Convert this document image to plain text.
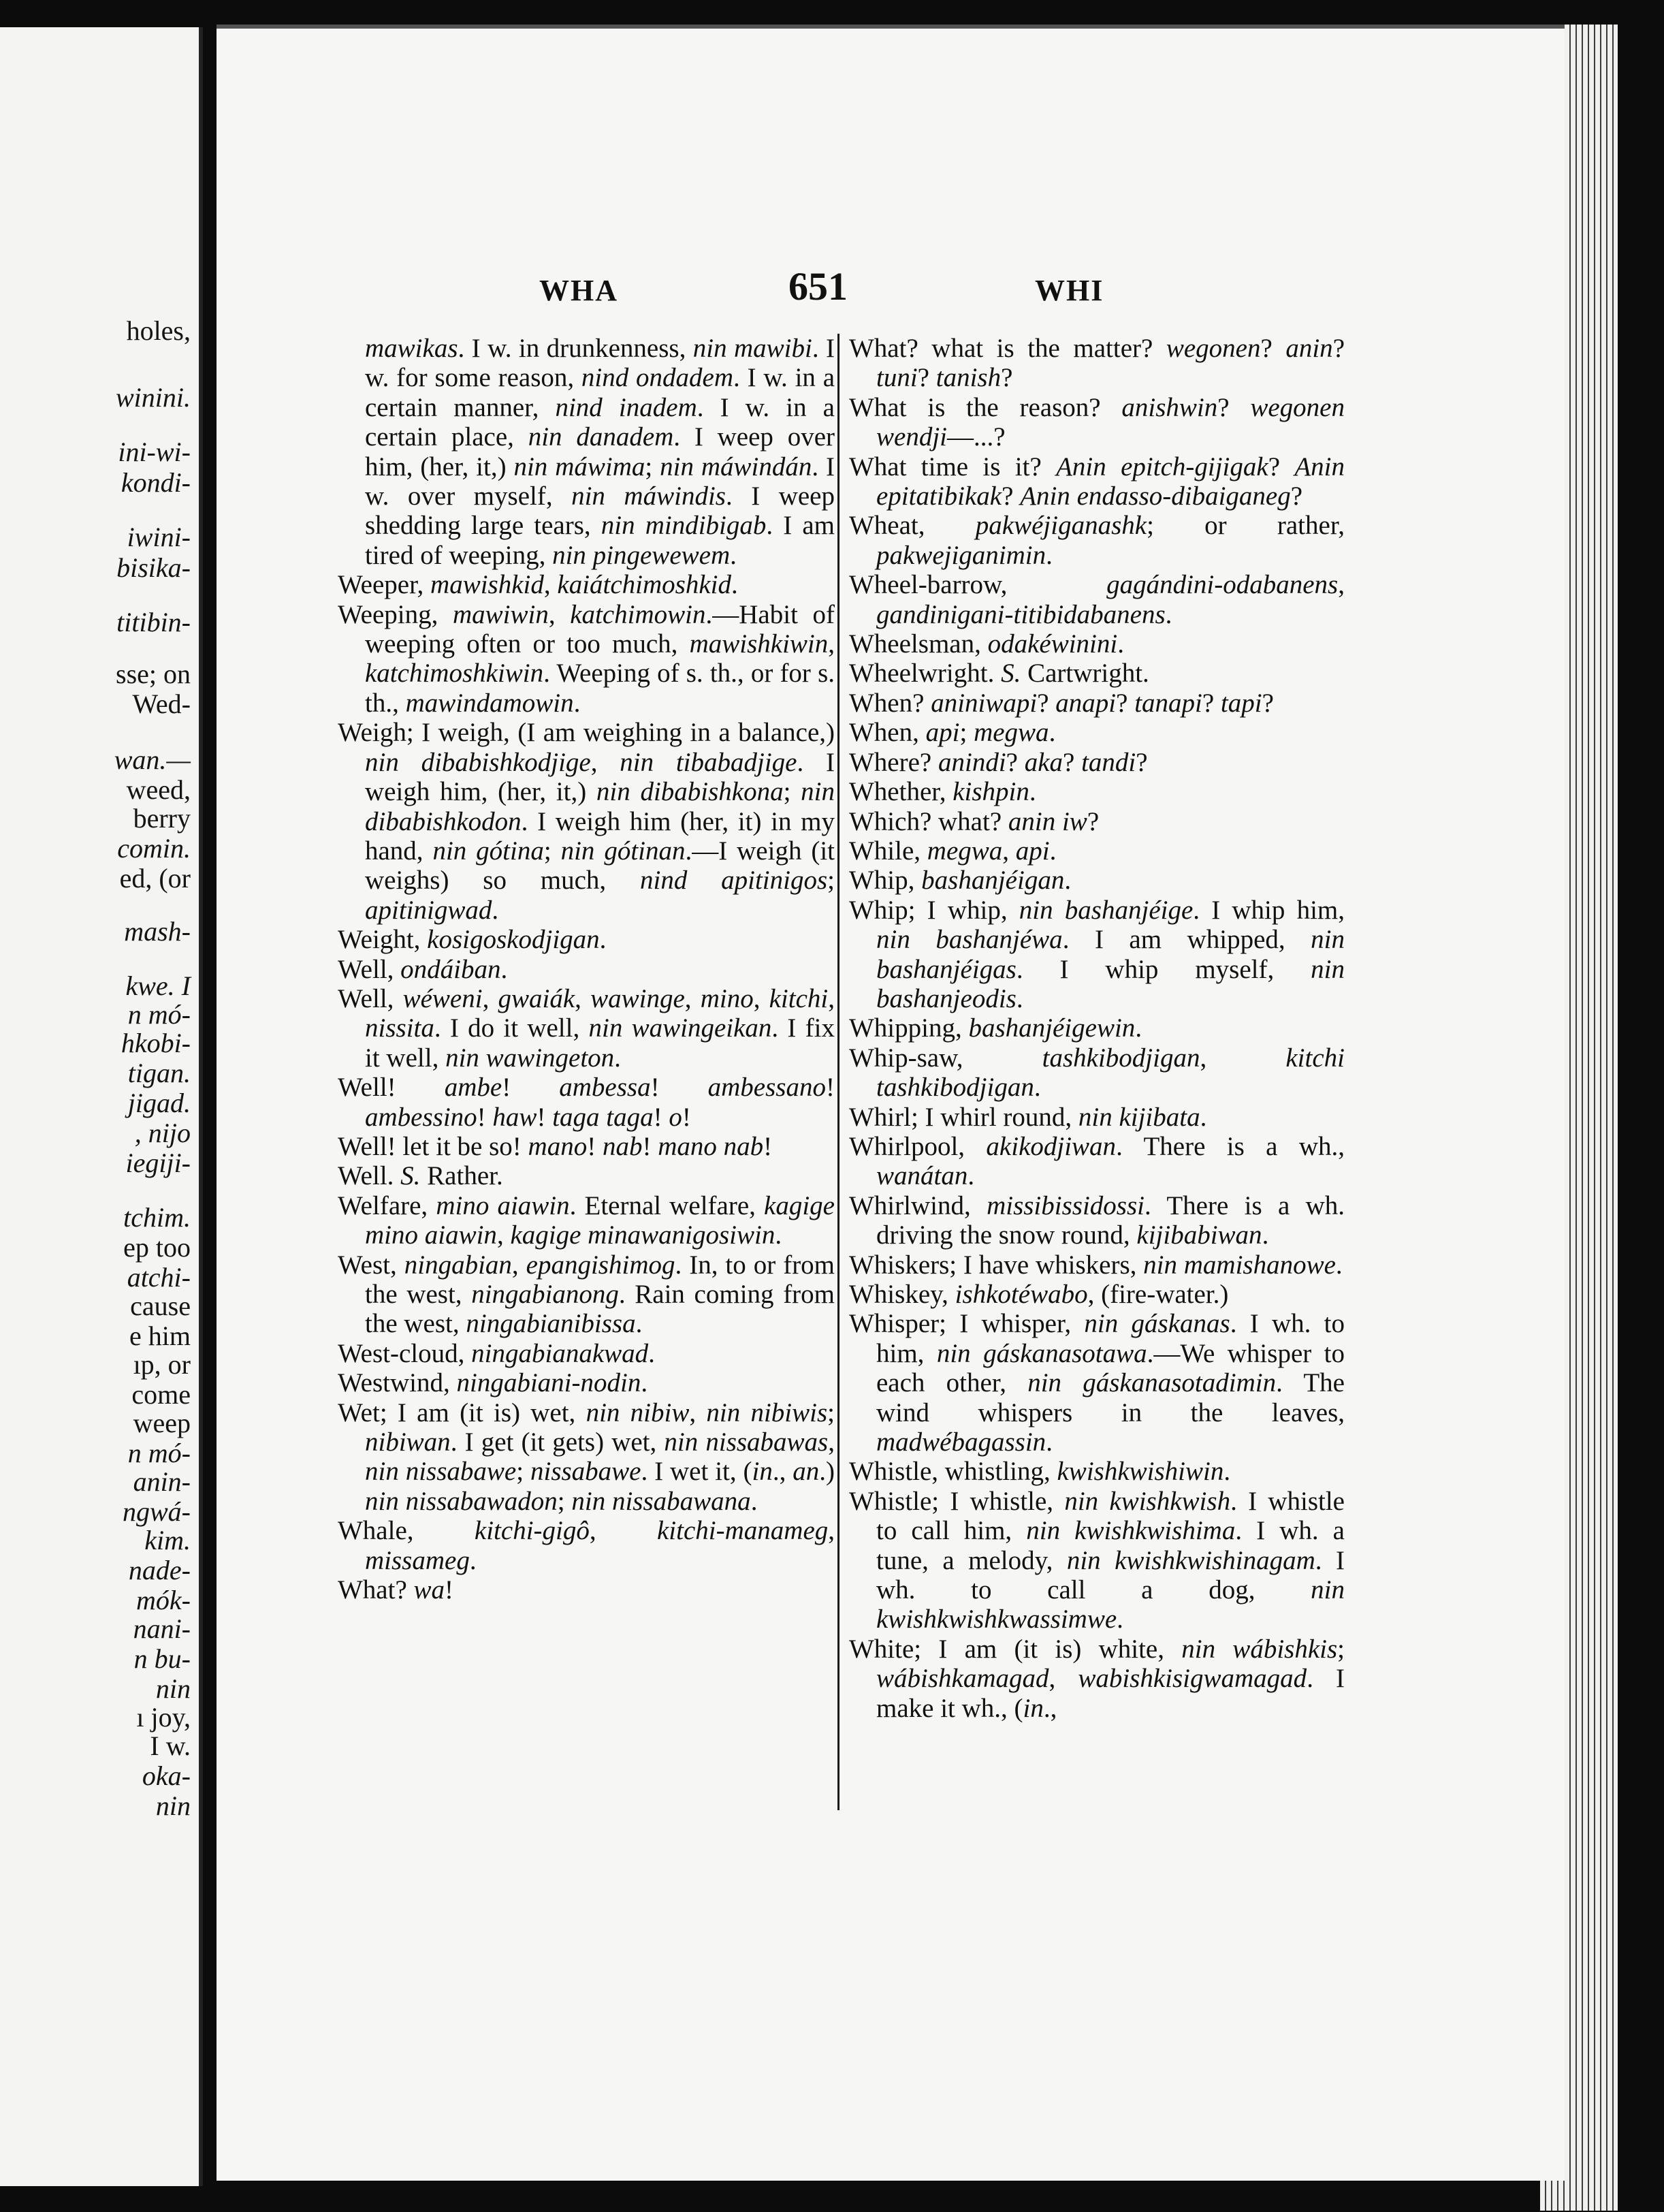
holes,
winini.
ini-wi-
kondi-
iwini-
bisika-
titibin-
sse; on
Wed-
wan.—
weed,
berry
comin.
ed, (or
mash-
kwe. I
n mó-
hkobi-
tigan.
jigad.
, nijo
iegiji-
tchim.
ep too
atchi-
cause
e him
ıp, or
come
weep
n mó-
anin-
ngwá-
kim.
nade-
mók-
nani-
n bu-
nin
ı joy,
I w.
oka-
nin
WHA	651	WHI

mawikas. I w. in drunkenness, nin mawibi. I w. for some reason, nind ondadem. I w. in a certain manner, nind inadem. I w. in a certain place, nin danadem. I weep over him, (her, it,) nin máwima; nin máwindán. I w. over myself, nin máwindis. I weep shedding large tears, nin mindibigab. I am tired of weeping, nin pingewewem.

Weeper, mawishkid, kaiátchimoshkid.

Weeping, mawiwin, katchimowin.—Habit of weeping often or too much, mawishkiwin, katchimoshkiwin. Weeping of s. th., or for s. th., mawindamowin.

Weigh; I weigh, (I am weighing in a balance,) nin dibabishkodjige, nin tibabadjige. I weigh him, (her, it,) nin dibabishkona; nin dibabishkodon. I weigh him (her, it) in my hand, nin gótina; nin gótinan.—I weigh (it weighs) so much, nind apitinigos; apitinigwad.

Weight, kosigoskodjigan.

Well, ondáiban.

Well, wéweni, gwaiák, wawinge, mino, kitchi, nissita. I do it well, nin wawingeikan. I fix it well, nin wawingeton.

Well! ambe! ambessa! ambessano! ambessino! haw! taga taga! o!

Well! let it be so! mano! nab! mano nab!

Well. S. Rather.

Welfare, mino aiawin. Eternal welfare, kagige mino aiawin, kagige minawanigosiwin.

West, ningabian, epangishimog. In, to or from the west, ningabianong. Rain coming from the west, ningabianibissa.

West-cloud, ningabianakwad.

Westwind, ningabiani-nodin.

Wet; I am (it is) wet, nin nibiw, nin nibiwis; nibiwan. I get (it gets) wet, nin nissabawas, nin nissabawe; nissabawe. I wet it, (in., an.) nin nissabawadon; nin nissabawana.

Whale, kitchi-gigô, kitchi-manameg, missameg.

What? wa!

What? what is the matter? wegonen? anin? tuni? tanish?

What is the reason? anishwin? wegonen wendji—...?

What time is it? Anin epitch-gijigak? Anin epitatibikak? Anin endasso-dibaiganeg?

Wheat, pakwéjiganashk; or rather, pakwejiganimin.

Wheel-barrow, gagándini-odabanens, gandinigani-titibidabanens.

Wheelsman, odakéwinini.

Wheelwright. S. Cartwright.

When? aniniwapi? anapi? tanapi? tapi?

When, api; megwa.

Where? anindi? aka? tandi?

Whether, kishpin.

Which? what? anin iw?

While, megwa, api.

Whip, bashanjéigan.

Whip; I whip, nin bashanjéige. I whip him, nin bashanjéwa. I am whipped, nin bashanjéigas. I whip myself, nin bashanjeodis.

Whipping, bashanjéigewin.

Whip-saw, tashkibodjigan, kitchi tashkibodjigan.

Whirl; I whirl round, nin kijibata.

Whirlpool, akikodjiwan. There is a wh., wanátan.

Whirlwind, missibissidossi. There is a wh. driving the snow round, kijibabiwan.

Whiskers; I have whiskers, nin mamishanowe.

Whiskey, ishkotéwabo, (fire-water.)

Whisper; I whisper, nin gáskanas. I wh. to him, nin gáskanasotawa.—We whisper to each other, nin gáskanasotadimin. The wind whispers in the leaves, madwébagassin.

Whistle, whistling, kwishkwishiwin.

Whistle; I whistle, nin kwishkwish. I whistle to call him, nin kwishkwishima. I wh. a tune, a melody, nin kwishkwishinagam. I wh. to call a dog, nin kwishkwishkwassimwe.

White; I am (it is) white, nin wábishkis; wábishkamagad, wabishkisigwamagad. I make it wh., (in.,
